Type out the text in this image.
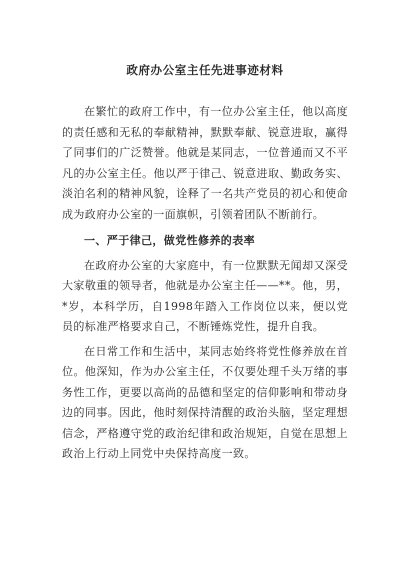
政府办公室主任先进事迹材料

在繁忙的政府工作中，有一位办公室主任，他以高度的责任感和无私的奉献精神，默默奉献、锐意进取，赢得了同事们的广泛赞誉。他就是某同志，一位普通而又不平凡的办公室主任。他以严于律己、锐意进取、勤政务实、淡泊名利的精神风貌，诠释了一名共产党员的初心和使命成为政府办公室的一面旗帜，引领着团队不断前行。

一、严于律己，做党性修养的表率

在政府办公室的大家庭中，有一位默默无闻却又深受大家敬重的领导者，他就是办公室主任——**。他，男，*岁，本科学历，自1998年踏入工作岗位以来，便以党员的标准严格要求自己，不断锤炼党性，提升自我。

在日常工作和生活中，某同志始终将党性修养放在首位。他深知，作为办公室主任，不仅要处理千头万绪的事务性工作，更要以高尚的品德和坚定的信仰影响和带动身边的同事。因此，他时刻保持清醒的政治头脑，坚定理想信念，严格遵守党的政治纪律和政治规矩，自觉在思想上政治上行动上同党中央保持高度一致。
